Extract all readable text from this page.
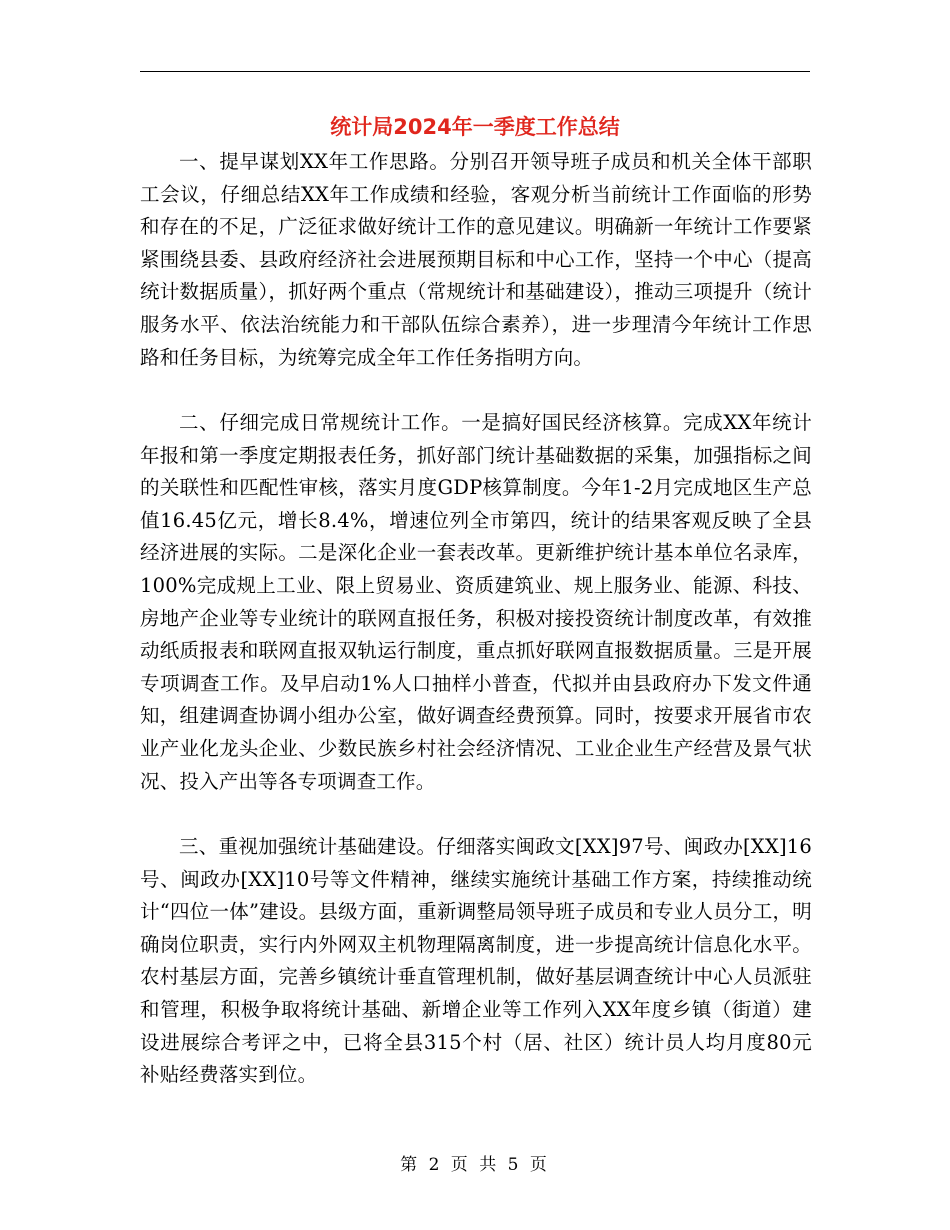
统计局2024年一季度工作总结

一、提早谋划XX年工作思路。分别召开领导班子成员和机关全体干部职工会议，仔细总结XX年工作成绩和经验，客观分析当前统计工作面临的形势和存在的不足，广泛征求做好统计工作的意见建议。明确新一年统计工作要紧紧围绕县委、县政府经济社会进展预期目标和中心工作，坚持一个中心（提高统计数据质量），抓好两个重点（常规统计和基础建设），推动三项提升（统计服务水平、依法治统能力和干部队伍综合素养），进一步理清今年统计工作思路和任务目标，为统筹完成全年工作任务指明方向。

二、仔细完成日常规统计工作。一是搞好国民经济核算。完成XX年统计年报和第一季度定期报表任务，抓好部门统计基础数据的采集，加强指标之间的关联性和匹配性审核，落实月度GDP核算制度。今年1-2月完成地区生产总值16.45亿元，增长8.4%，增速位列全市第四，统计的结果客观反映了全县经济进展的实际。二是深化企业一套表改革。更新维护统计基本单位名录库，100%完成规上工业、限上贸易业、资质建筑业、规上服务业、能源、科技、房地产企业等专业统计的联网直报任务，积极对接投资统计制度改革，有效推动纸质报表和联网直报双轨运行制度，重点抓好联网直报数据质量。三是开展专项调查工作。及早启动1%人口抽样小普查，代拟并由县政府办下发文件通知，组建调查协调小组办公室，做好调查经费预算。同时，按要求开展省市农业产业化龙头企业、少数民族乡村社会经济情况、工业企业生产经营及景气状况、投入产出等各专项调查工作。

三、重视加强统计基础建设。仔细落实闽政文[XX]97号、闽政办[XX]16号、闽政办[XX]10号等文件精神，继续实施统计基础工作方案，持续推动统计“四位一体”建设。县级方面，重新调整局领导班子成员和专业人员分工，明确岗位职责，实行内外网双主机物理隔离制度，进一步提高统计信息化水平。农村基层方面，完善乡镇统计垂直管理机制，做好基层调查统计中心人员派驻和管理，积极争取将统计基础、新增企业等工作列入XX年度乡镇（街道）建设进展综合考评之中，已将全县315个村（居、社区）统计员人均月度80元补贴经费落实到位。

第 2 页 共 5 页
